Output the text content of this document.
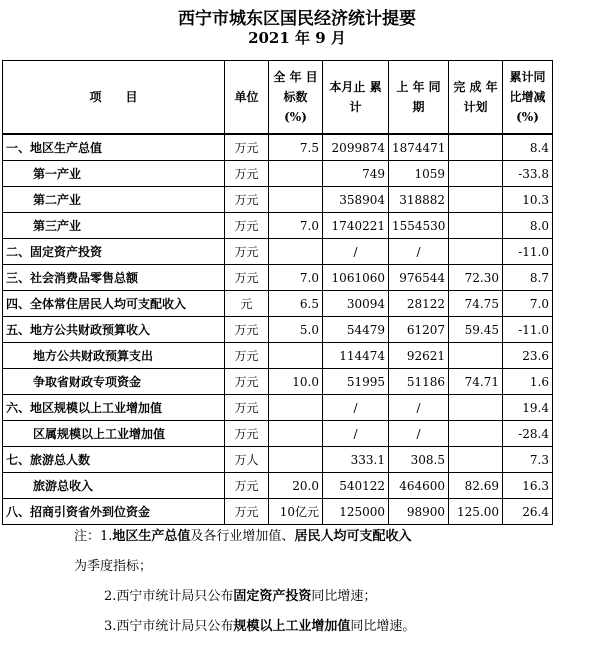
西宁市城东区国民经济统计提要
2021 年 9 月
项　　目	单位	全 年 目标数 (%)	本月止 累 计	上 年 同 期	完 成 年计划	累计同 比增减 (%)
一、地区生产总值	万元	7.5	2099874	1874471		8.4
第一产业	万元		749	1059		-33.8
第二产业	万元		358904	318882		10.3
第三产业	万元	7.0	1740221	1554530		8.0
二、固定资产投资	万元		/	/		-11.0
三、社会消费品零售总额	万元	7.0	1061060	976544	72.30	8.7
四、全体常住居民人均可支配收入	元	6.5	30094	28122	74.75	7.0
五、地方公共财政预算收入	万元	5.0	54479	61207	59.45	-11.0
地方公共财政预算支出	万元		114474	92621		23.6
争取省财政专项资金	万元	10.0	51995	51186	74.71	1.6
六、地区规模以上工业增加值	万元		/	/		19.4
区属规模以上工业增加值	万元		/	/		-28.4
七、旅游总人数	万人		333.1	308.5		7.3
旅游总收入	万元	20.0	540122	464600	82.69	16.3
八、招商引资省外到位资金	万元	10亿元	125000	98900	125.00	26.4
注：1.地区生产总值及各行业增加值、居民人均可支配收入
为季度指标；
2.西宁市统计局只公布固定资产投资同比增速；
3.西宁市统计局只公布规模以上工业增加值同比增速。
